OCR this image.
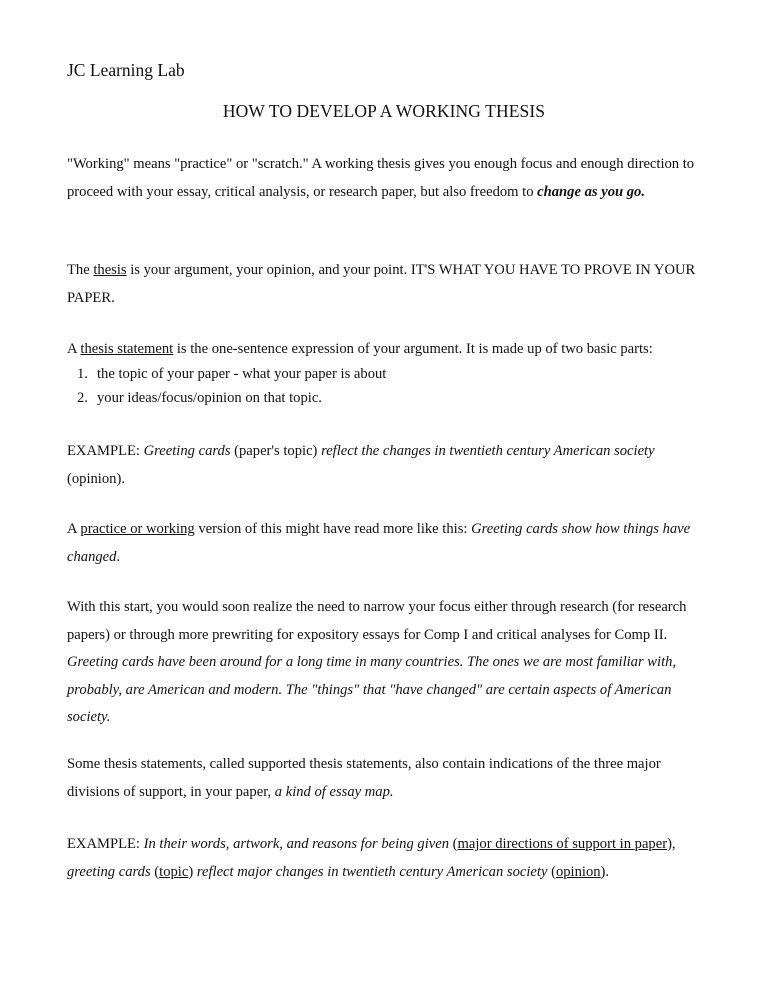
JC Learning Lab
HOW TO DEVELOP A WORKING THESIS
"Working" means "practice" or "scratch." A working thesis gives you enough focus and enough direction to proceed with your essay, critical analysis, or research paper, but also freedom to change as you go.
The thesis is your argument, your opinion, and your point. IT'S WHAT YOU HAVE TO PROVE IN YOUR PAPER.
A thesis statement is the one-sentence expression of your argument. It is made up of two basic parts:
1. the topic of your paper - what your paper is about
2. your ideas/focus/opinion on that topic.
EXAMPLE: Greeting cards (paper's topic) reflect the changes in twentieth century American society (opinion).
A practice or working version of this might have read more like this: Greeting cards show how things have changed.
With this start, you would soon realize the need to narrow your focus either through research (for research papers) or through more prewriting for expository essays for Comp I and critical analyses for Comp II. Greeting cards have been around for a long time in many countries. The ones we are most familiar with, probably, are American and modern. The "things" that "have changed" are certain aspects of American society.
Some thesis statements, called supported thesis statements, also contain indications of the three major divisions of support, in your paper, a kind of essay map.
EXAMPLE: In their words, artwork, and reasons for being given (major directions of support in paper), greeting cards (topic) reflect major changes in twentieth century American society (opinion).
